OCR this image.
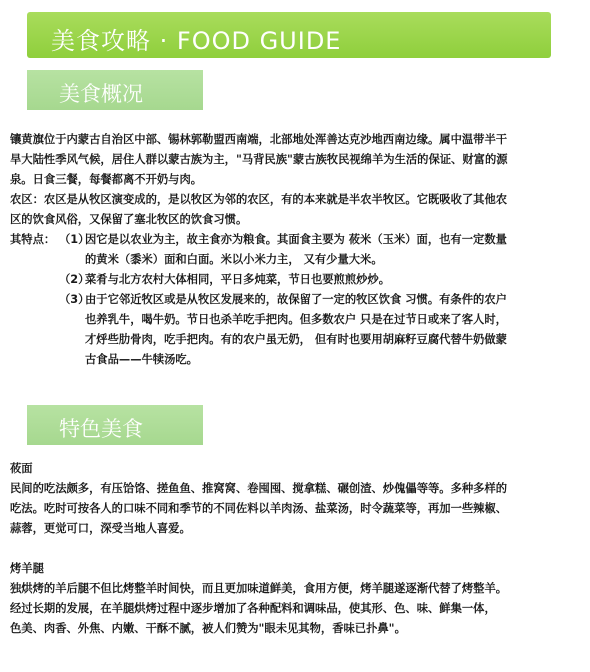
美食攻略 · FOOD GUIDE
美食概况
镶黄旗位于内蒙古自治区中部、锡林郭勒盟西南端，北部地处浑善达克沙地西南边缘。属中温带半干
旱大陆性季风气候，居住人群以蒙古族为主，"马背民族"蒙古族牧民视绵羊为生活的保证、财富的源
泉。日食三餐，每餐都离不开奶与肉。
农区：农区是从牧区演变成的，是以牧区为邻的农区，有的本来就是半农半牧区。它既吸收了其他农
区的饮食风俗，又保留了塞北牧区的饮食习惯。
其特点： （1）因它是以农业为主，故主食亦为粮食。其面食主要为 莜米（玉米）面，也有一定数量
的黄米（黍米）面和白面。米以小米力主， 又有少量大米。
（2）菜肴与北方农村大体相同，平日多炖菜，节日也要煎煎炒炒。
（3）由于它邻近牧区或是从牧区发展来的，故保留了一定的牧区饮食 习惯。有条件的农户
也养乳牛，喝牛奶。节日也杀羊吃手把肉。但多数农户 只是在过节日或来了客人时，
才烀些肋骨肉，吃手把肉。有的农户虽无奶， 但有时也要用胡麻籽豆腐代替牛奶做蒙
古食品——牛犊汤吃。
特色美食
莜面
民间的吃法颇多，有压饸饹、搓鱼鱼、推窝窝、卷囤囤、搅拿糕、碾创渣、炒傀儡等等。多种多样的
吃法。吃时可按各人的口味不同和季节的不同佐料以羊肉汤、盐菜汤，时令蔬菜等，再加一些辣椒、
蒜蓉，更觉可口，深受当地人喜爱。
烤羊腿
独烘烤的羊后腿不但比烤整羊时间快，而且更加味道鲜美，食用方便，烤羊腿遂逐渐代替了烤整羊。
经过长期的发展，在羊腿烘烤过程中逐步增加了各种配料和调味品，使其形、色、味、鲜集一体，
色美、肉香、外焦、内嫩、干酥不腻，被人们赞为"眼未见其物，香味已扑鼻"。
